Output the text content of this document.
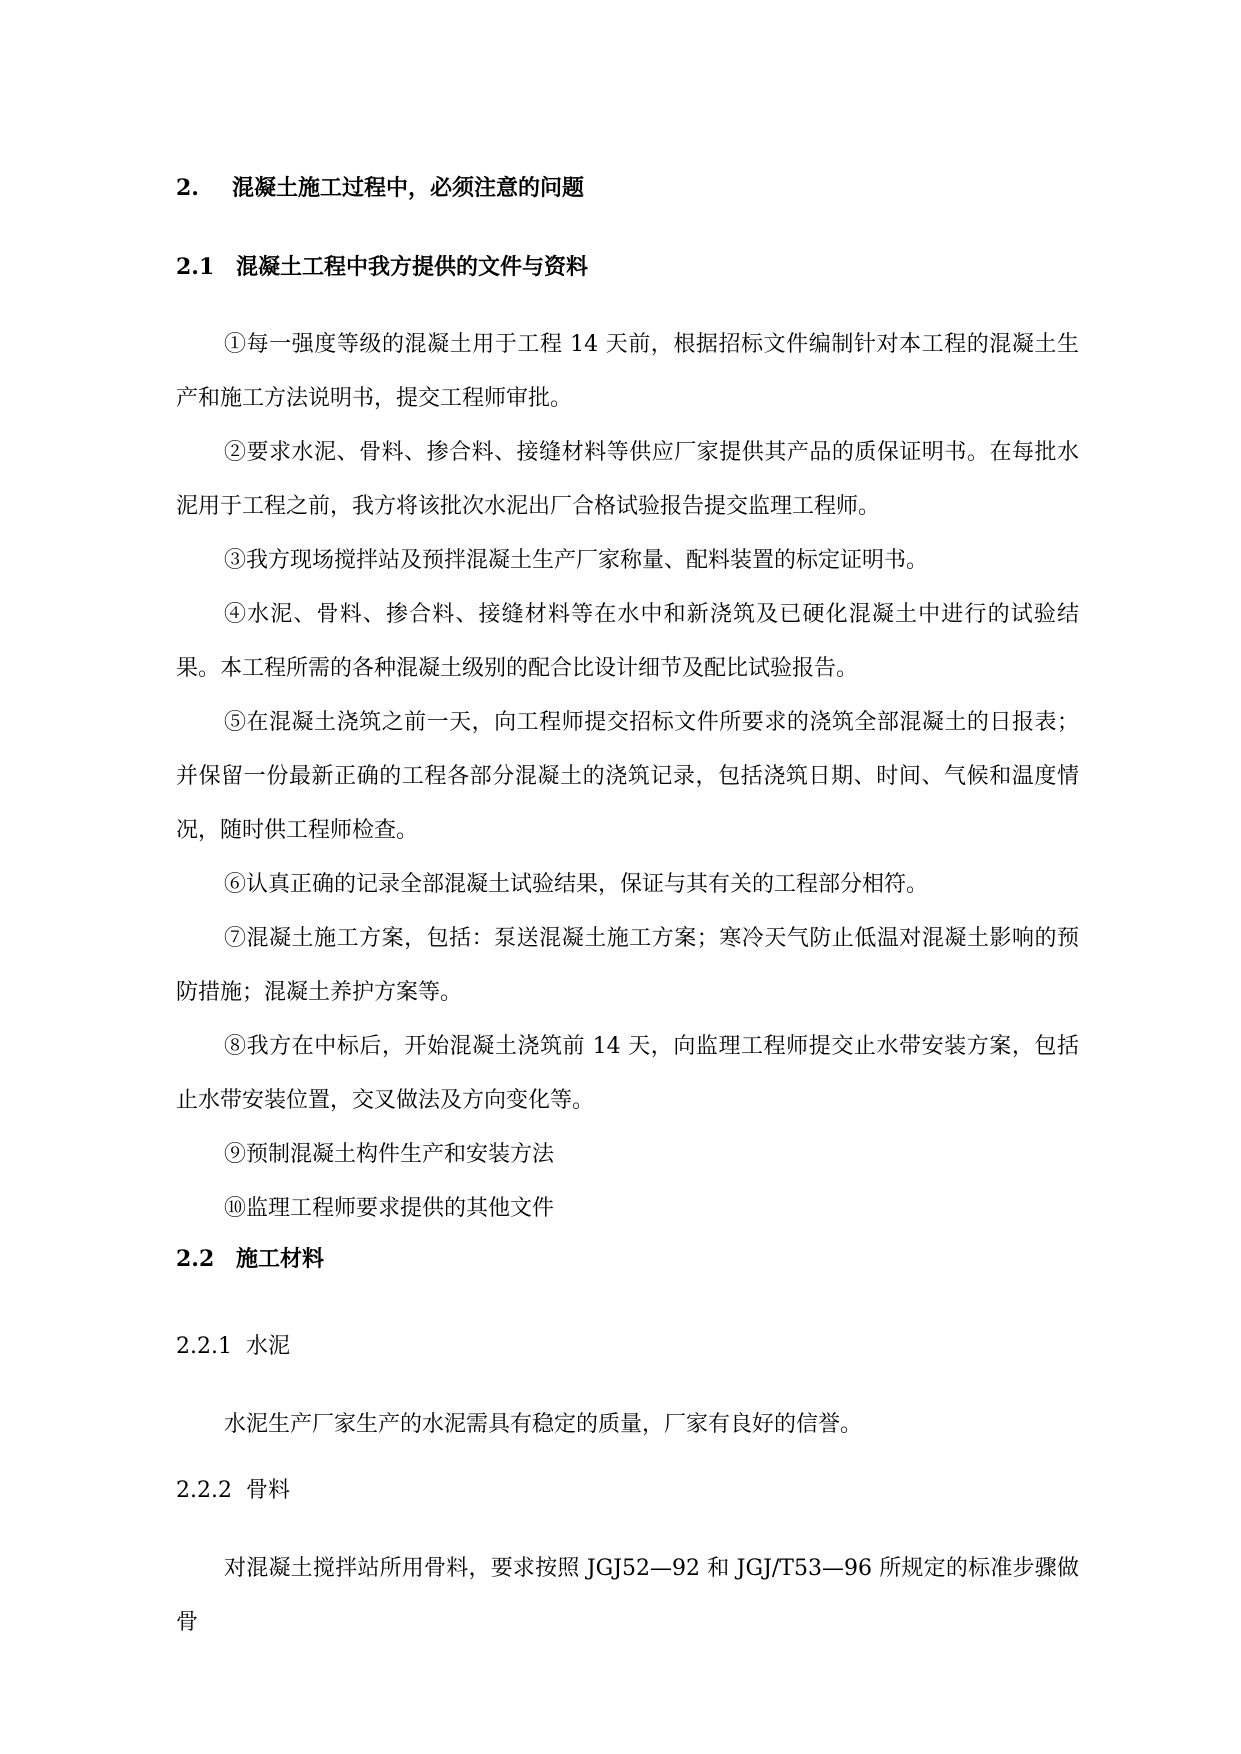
2. 混凝土施工过程中，必须注意的问题
2.1 混凝土工程中我方提供的文件与资料
①每一强度等级的混凝土用于工程 14 天前，根据招标文件编制针对本工程的混凝土生产和施工方法说明书，提交工程师审批。
②要求水泥、骨料、掺合料、接缝材料等供应厂家提供其产品的质保证明书。在每批水泥用于工程之前，我方将该批次水泥出厂合格试验报告提交监理工程师。
③我方现场搅拌站及预拌混凝土生产厂家称量、配料装置的标定证明书。
④水泥、骨料、掺合料、接缝材料等在水中和新浇筑及已硬化混凝土中进行的试验结果。本工程所需的各种混凝土级别的配合比设计细节及配比试验报告。
⑤在混凝土浇筑之前一天，向工程师提交招标文件所要求的浇筑全部混凝土的日报表；并保留一份最新正确的工程各部分混凝土的浇筑记录，包括浇筑日期、时间、气候和温度情况，随时供工程师检查。
⑥认真正确的记录全部混凝土试验结果，保证与其有关的工程部分相符。
⑦混凝土施工方案，包括：泵送混凝土施工方案；寒冷天气防止低温对混凝土影响的预防措施；混凝土养护方案等。
⑧我方在中标后，开始混凝土浇筑前 14 天，向监理工程师提交止水带安装方案，包括止水带安装位置，交叉做法及方向变化等。
⑨预制混凝土构件生产和安装方法
⑩监理工程师要求提供的其他文件
2.2 施工材料
2.2.1 水泥
水泥生产厂家生产的水泥需具有稳定的质量，厂家有良好的信誉。
2.2.2 骨料
对混凝土搅拌站所用骨料，要求按照 JGJ52—92 和 JGJ/T53—96 所规定的标准步骤做骨
